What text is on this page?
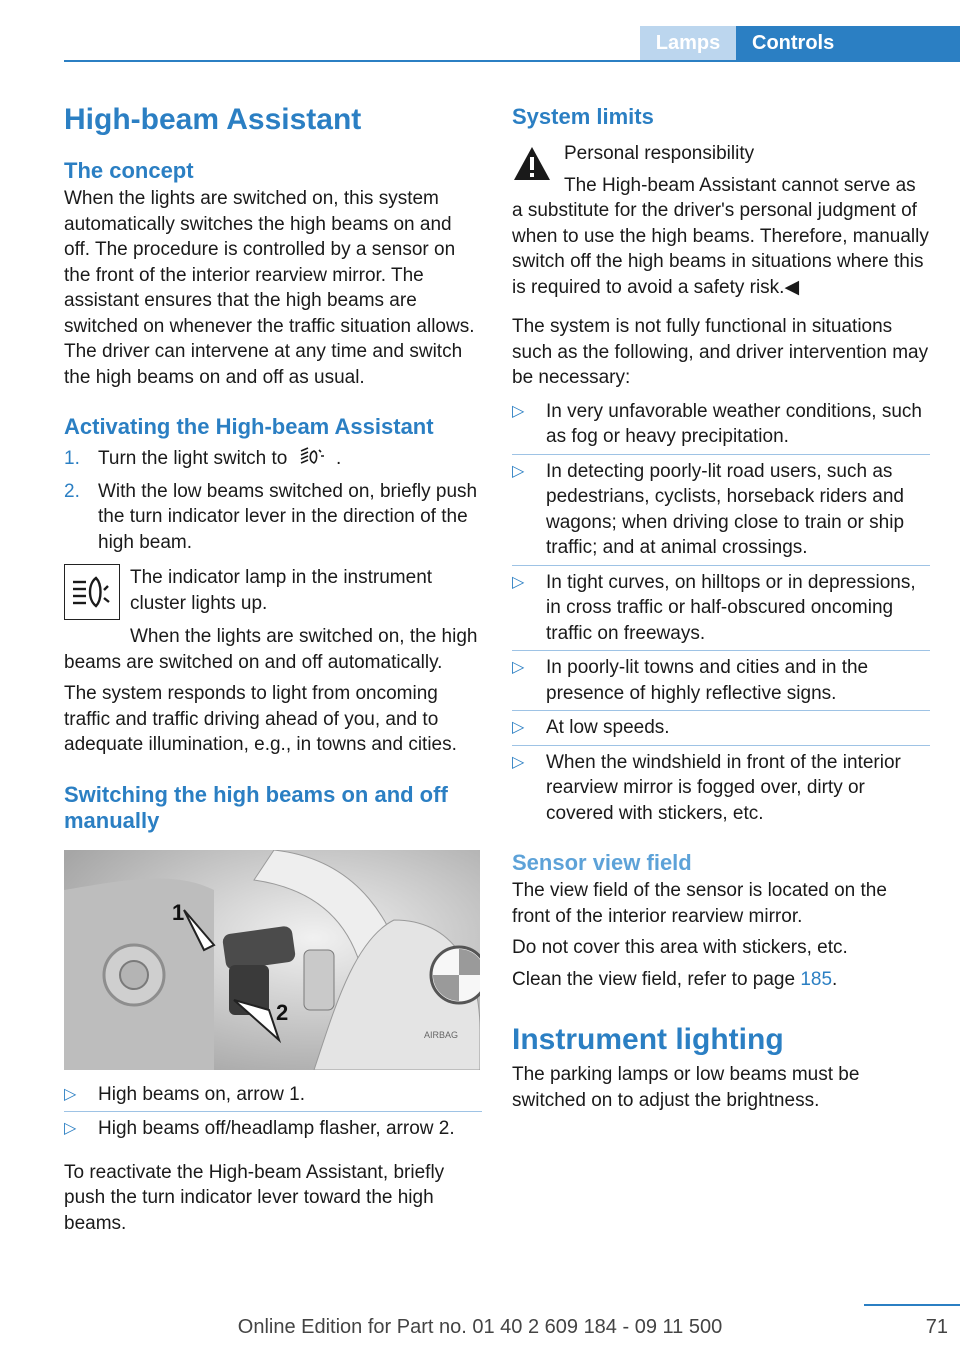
Lamps	Controls
High-beam Assistant
The concept

When the lights are switched on, this system automatically switches the high beams on and off. The procedure is controlled by a sensor on the front of the interior rearview mirror. The assistant ensures that the high beams are switched on whenever the traffic situation allows. The driver can intervene at any time and switch the high beams on and off as usual.

Activating the High-beam Assistant
1. Turn the light switch to	.
2. With the low beams switched on, briefly push the turn indicator lever in the direction of the high beam.

The indicator lamp in the instrument cluster lights up.

When the lights are switched on, the high beams are switched on and off automatically.

The system responds to light from oncoming traffic and traffic driving ahead of you, and to adequate illumination, e.g., in towns and cities.

Switching the high beams on and off manually
1
2
AIRBAG
▷	High beams on, arrow 1.
▷	High beams off/headlamp flasher, arrow 2.

To reactivate the High-beam Assistant, briefly push the turn indicator lever toward the high beams.

System limits

Personal responsibility

The High-beam Assistant cannot serve as a substitute for the driver's personal judgment of when to use the high beams. Therefore, manually switch off the high beams in situations where this is required to avoid a safety risk.◀

The system is not fully functional in situations such as the following, and driver intervention may be necessary:

▷	In very unfavorable weather conditions, such as fog or heavy precipitation.
▷	In detecting poorly-lit road users, such as pedestrians, cyclists, horseback riders and wagons; when driving close to train or ship traffic; and at animal crossings.
▷	In tight curves, on hilltops or in depressions, in cross traffic or half-obscured oncoming traffic on freeways.
▷	In poorly-lit towns and cities and in the presence of highly reflective signs.
▷	At low speeds.
▷	When the windshield in front of the interior rearview mirror is fogged over, dirty or covered with stickers, etc.
Sensor view field

The view field of the sensor is located on the front of the interior rearview mirror.

Do not cover this area with stickers, etc.

Clean the view field, refer to page 185.

Instrument lighting

The parking lamps or low beams must be switched on to adjust the brightness.

71
Online Edition for Part no. 01 40 2 609 184 - 09 11 500
